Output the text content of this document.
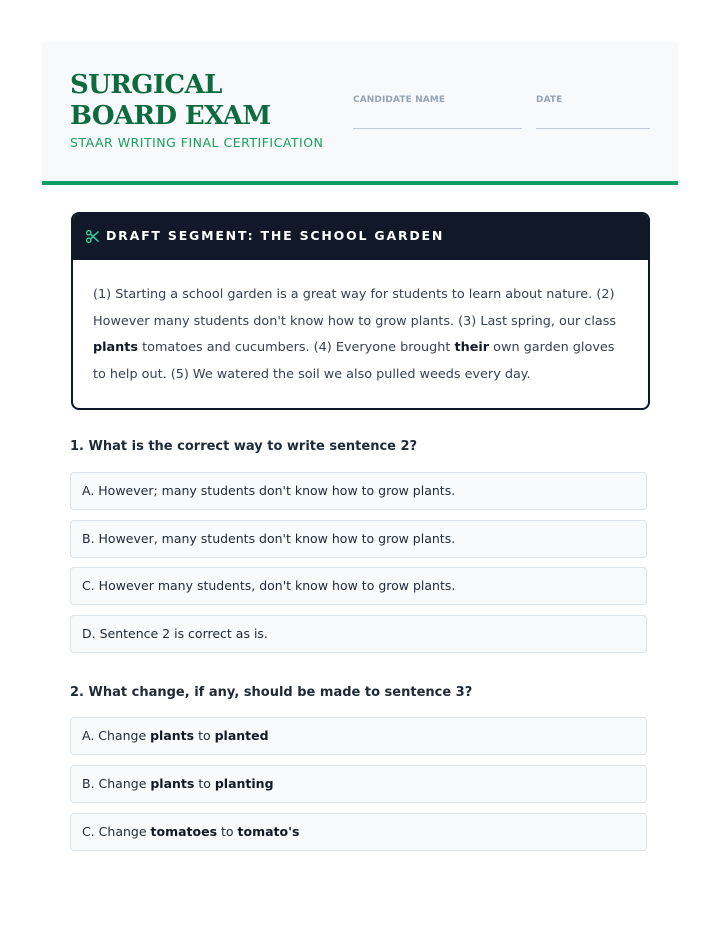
SURGICAL BOARD EXAM

STAAR WRITING FINAL CERTIFICATION

CANDIDATE NAME	DATE

DRAFT SEGMENT: THE SCHOOL GARDEN

(1) Starting a school garden is a great way for students to learn about nature. (2) However many students don't know how to grow plants. (3) Last spring, our class plants tomatoes and cucumbers. (4) Everyone brought their own garden gloves to help out. (5) We watered the soil we also pulled weeds every day.

1. What is the correct way to write sentence 2?

A. However; many students don't know how to grow plants.
B. However, many students don't know how to grow plants.
C. However many students, don't know how to grow plants.
D. Sentence 2 is correct as is.

2. What change, if any, should be made to sentence 3?

A. Change plants to planted
B. Change plants to planting
C. Change tomatoes to tomato's
